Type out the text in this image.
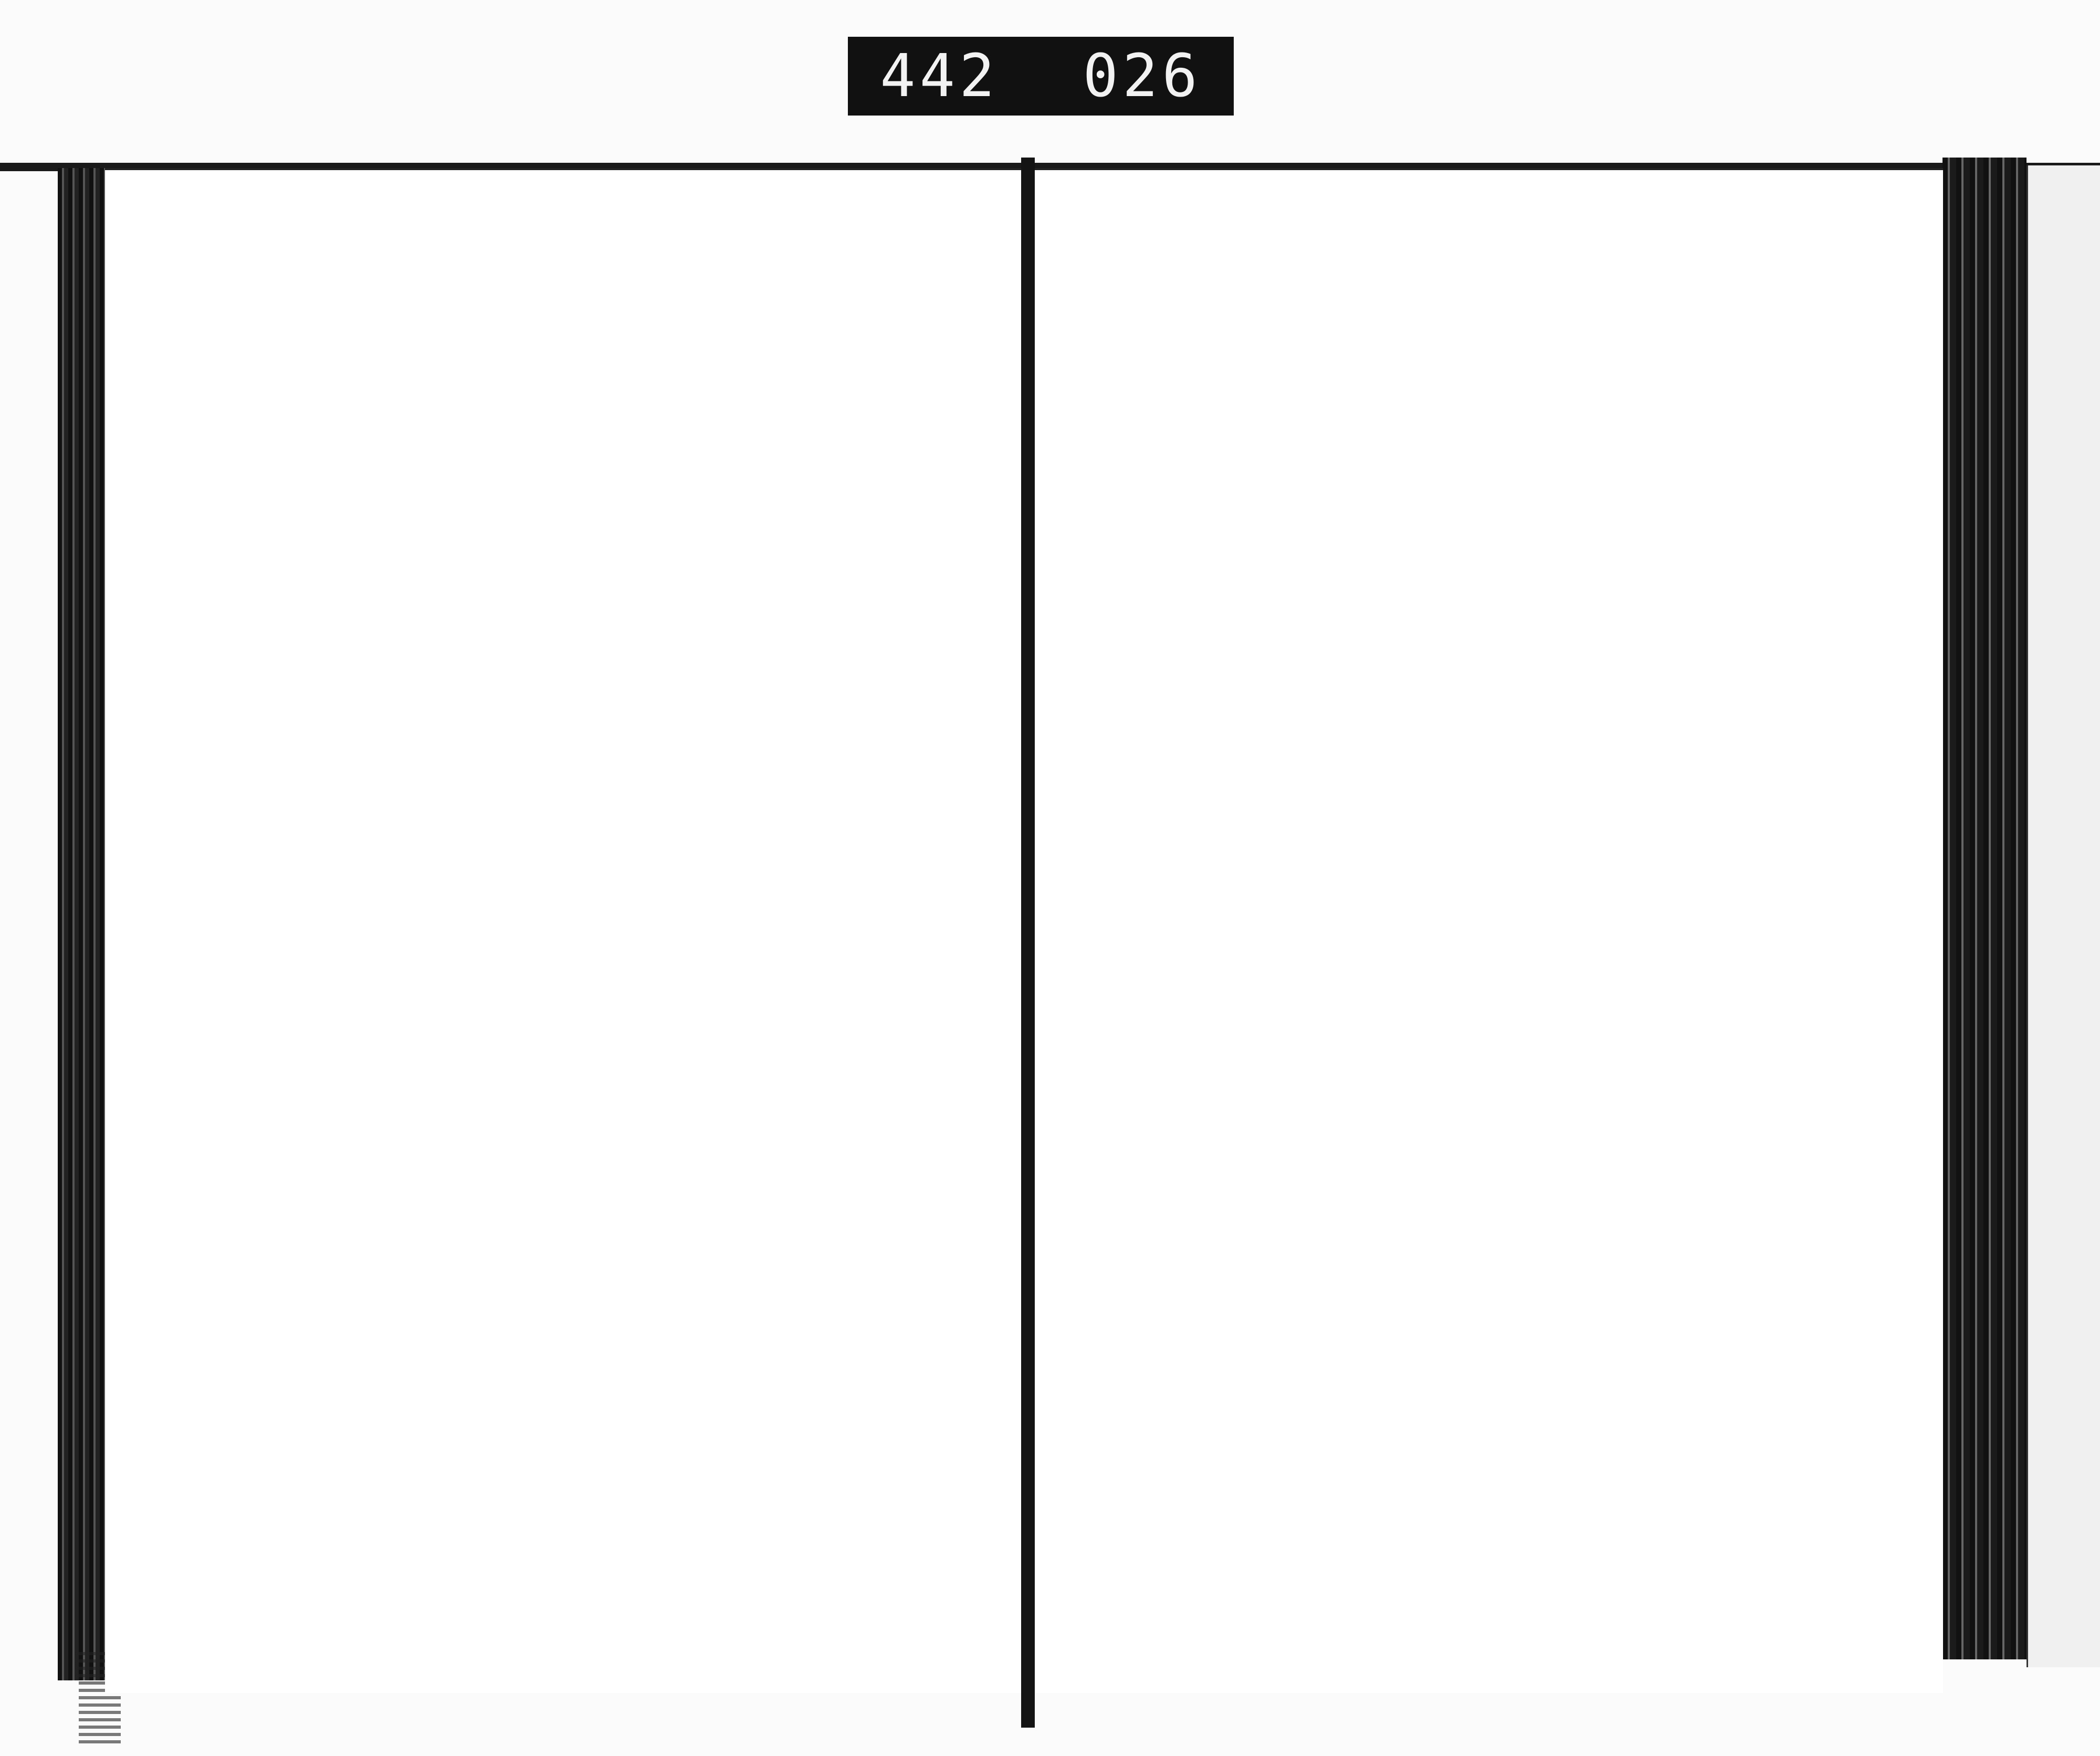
442 026
